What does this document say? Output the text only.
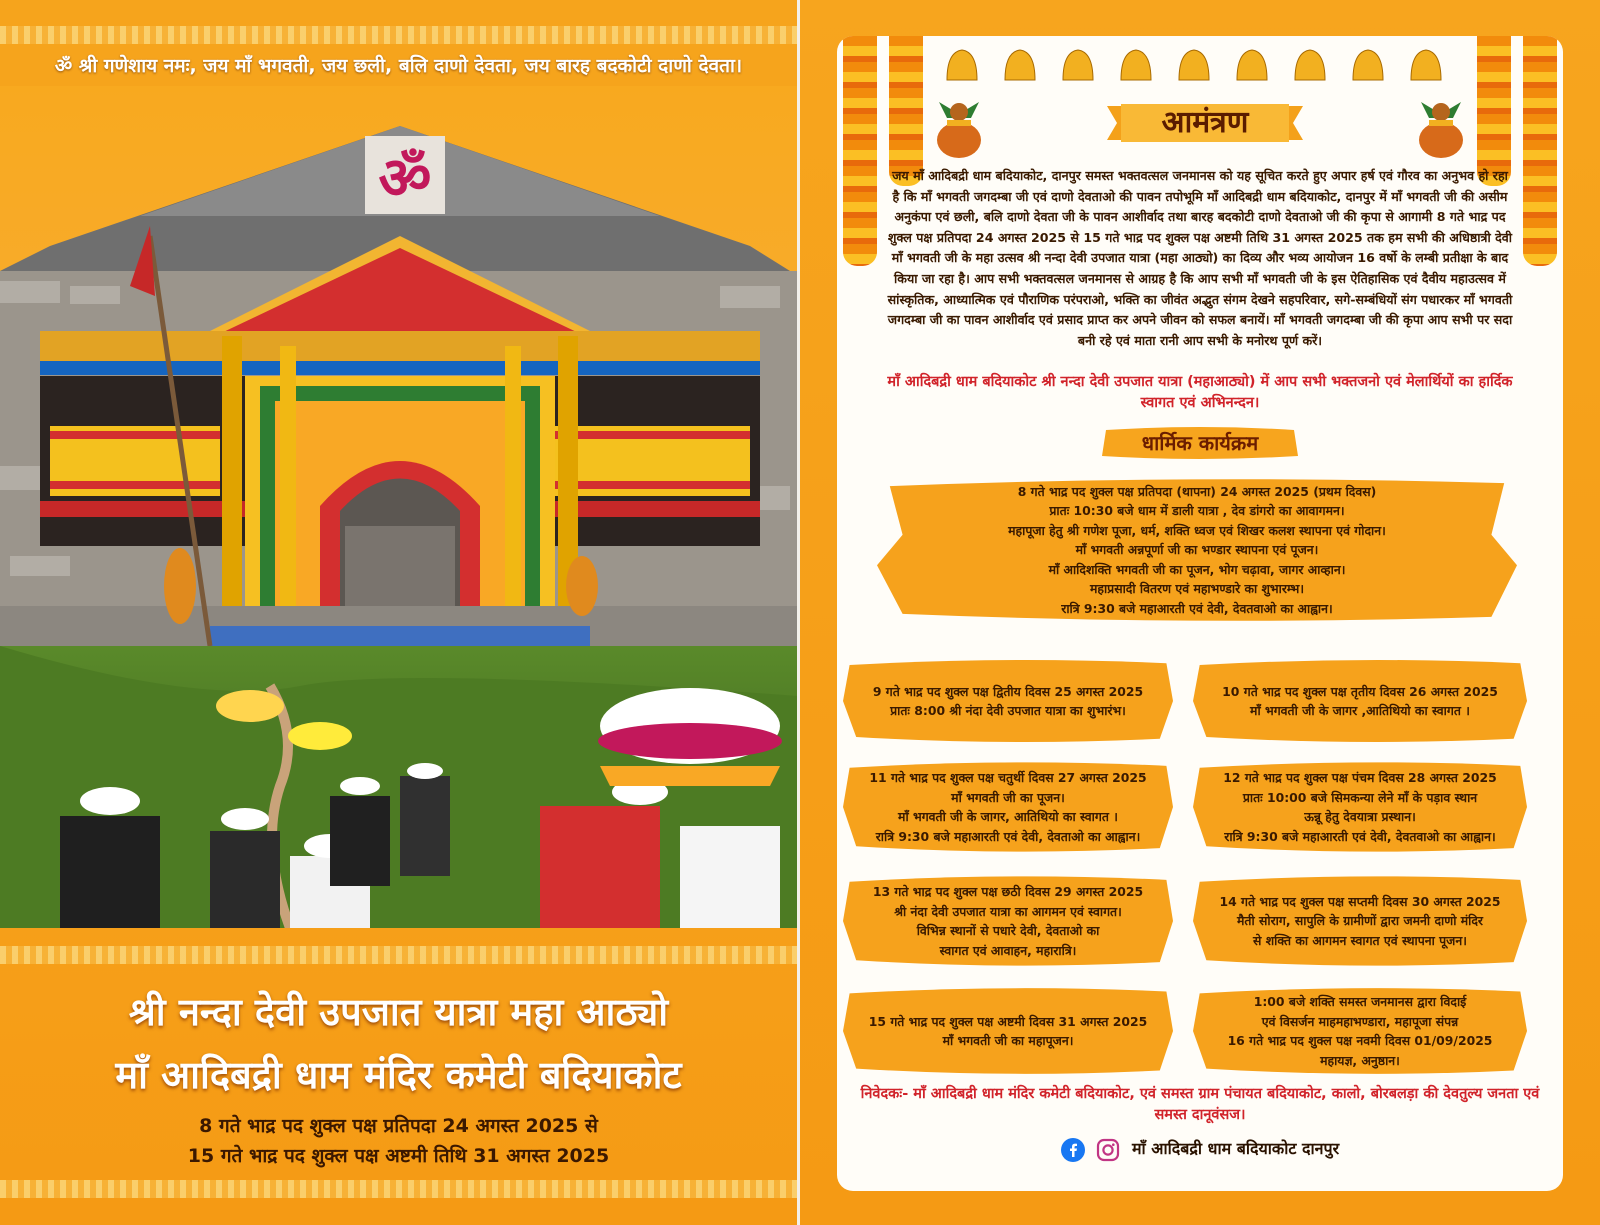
ॐ श्री गणेशाय नमः, जय माँ भगवती, जय छली, बलि दाणो देवता, जय बारह बदकोटी दाणो देवता।
ॐ
श्री नन्दा देवी उपजात यात्रा महा आठ्यो
माँ आदिबद्री धाम मंदिर कमेटी बदियाकोट
8 गते भाद्र पद शुक्ल पक्ष प्रतिपदा 24 अगस्त 2025 से
15 गते भाद्र पद शुक्ल पक्ष अष्टमी तिथि 31 अगस्त 2025
आमंत्रण
जय माँ आदिबद्री धाम बदियाकोट, दानपुर समस्त भक्तवत्सल जनमानस को यह सूचित करते हुए अपार हर्ष एवं गौरव का अनुभव हो रहा है कि माँ भगवती जगदम्बा जी एवं दाणो देवताओ की पावन तपोभूमि माँ आदिबद्री धाम बदियाकोट, दानपुर में माँ भगवती जी की असीम अनुकंपा एवं छली, बलि दाणो देवता जी के पावन आशीर्वाद तथा बारह बदकोटी दाणो देवताओ जी की कृपा से आगामी 8 गते भाद्र पद शुक्ल पक्ष प्रतिपदा 24 अगस्त 2025 से 15 गते भाद्र पद शुक्ल पक्ष अष्टमी तिथि 31 अगस्त 2025 तक हम सभी की अधिष्ठात्री देवी माँ भगवती जी के महा उत्सव श्री नन्दा देवी उपजात यात्रा (महा आठ्यो) का दिव्य और भव्य आयोजन 16 वर्षो के लम्बी प्रतीक्षा के बाद किया जा रहा है। आप सभी भक्तवत्सल जनमानस से आग्रह है कि आप सभी माँ भगवती जी के इस ऐतिहासिक एवं दैवीय महाउत्सव में सांस्कृतिक, आध्यात्मिक एवं पौराणिक परंपराओ, भक्ति का जीवंत अद्भुत संगम देखने सहपरिवार, सगे-सम्बंधियों संग पधारकर माँ भगवती जगदम्बा जी का पावन आशीर्वाद एवं प्रसाद प्राप्त कर अपने जीवन को सफल बनायें। माँ भगवती जगदम्बा जी की कृपा आप सभी पर सदा बनी रहे एवं माता रानी आप सभी के मनोरथ पूर्ण करें।
माँ आदिबद्री धाम बदियाकोट श्री नन्दा देवी उपजात यात्रा (महाआठ्यो) में आप सभी भक्तजनो एवं मेलार्थियों का हार्दिक स्वागत एवं अभिनन्दन।
धार्मिक कार्यक्रम
8 गते भाद्र पद शुक्ल पक्ष प्रतिपदा (थापना) 24 अगस्त 2025 (प्रथम दिवस)
प्रातः 10:30 बजे धाम में डाली यात्रा , देव डांगरो का आवागमन।
महापूजा हेतु श्री गणेश पूजा, धर्म, शक्ति ध्वज एवं शिखर कलश स्थापना एवं गोदान।
माँ भगवती अन्नपूर्णा जी का भण्डार स्थापना एवं पूजन।
माँ आदिशक्ति भगवती जी का पूजन, भोग चढ़ावा, जागर आव्हान।
महाप्रसादी वितरण एवं महाभण्डारे का शुभारम्भ।
रात्रि 9:30 बजे महाआरती एवं देवी, देवतवाओ का आह्वान।
9 गते भाद्र पद शुक्ल पक्ष द्वितीय दिवस 25 अगस्त 2025
प्रातः 8:00 श्री नंदा देवी उपजात यात्रा का शुभारंभ।
10 गते भाद्र पद शुक्ल पक्ष तृतीय दिवस 26 अगस्त 2025
माँ भगवती जी के जागर ,आतिथियो का स्वागत ।
11 गते भाद्र पद शुक्ल पक्ष चतुर्थी दिवस 27 अगस्त 2025
माँ भगवती जी का पूजन।
माँ भगवती जी के जागर, आतिथियो का स्वागत ।
रात्रि 9:30 बजे महाआरती एवं देवी, देवताओ का आह्वान।
12 गते भाद्र पद शुक्ल पक्ष पंचम दिवस 28 अगस्त 2025
प्रातः 10:00 बजे सिमकन्या लेने माँ के पड़ाव स्थान
ऊन्नू हेतु देवयात्रा प्रस्थान।
रात्रि 9:30 बजे महाआरती एवं देवी, देवतवाओ का आह्वान।
13 गते भाद्र पद शुक्ल पक्ष छठी दिवस 29 अगस्त 2025
श्री नंदा देवी उपजात यात्रा का आगमन एवं स्वागत।
विभिन्न स्थानों से पधारे देवी, देवताओ का
स्वागत एवं आवाहन, महारात्रि।
14 गते भाद्र पद शुक्ल पक्ष सप्तमी दिवस 30 अगस्त 2025
मैती सोराग, सापुलि के ग्रामीणों द्वारा जमनी दाणो मंदिर
से शक्ति का आगमन स्वागत एवं स्थापना पूजन।
15 गते भाद्र पद शुक्ल पक्ष अष्टमी दिवस 31 अगस्त 2025
माँ भगवती जी का महापूजन।
1:00 बजे शक्ति समस्त जनमानस द्वारा विदाई
एवं विसर्जन माहमहाभण्डारा, महापूजा संपन्न
16 गते भाद्र पद शुक्ल पक्ष नवमी दिवस 01/09/2025
महायज्ञ, अनुष्ठान।
निवेदकः- माँ आदिबद्री धाम मंदिर कमेटी बदियाकोट, एवं समस्त ग्राम पंचायत बदियाकोट, कालो, बोरबलड़ा की देवतुल्य जनता एवं समस्त दानूवंसज।
माँ आदिबद्री धाम बदियाकोट दानपुर
